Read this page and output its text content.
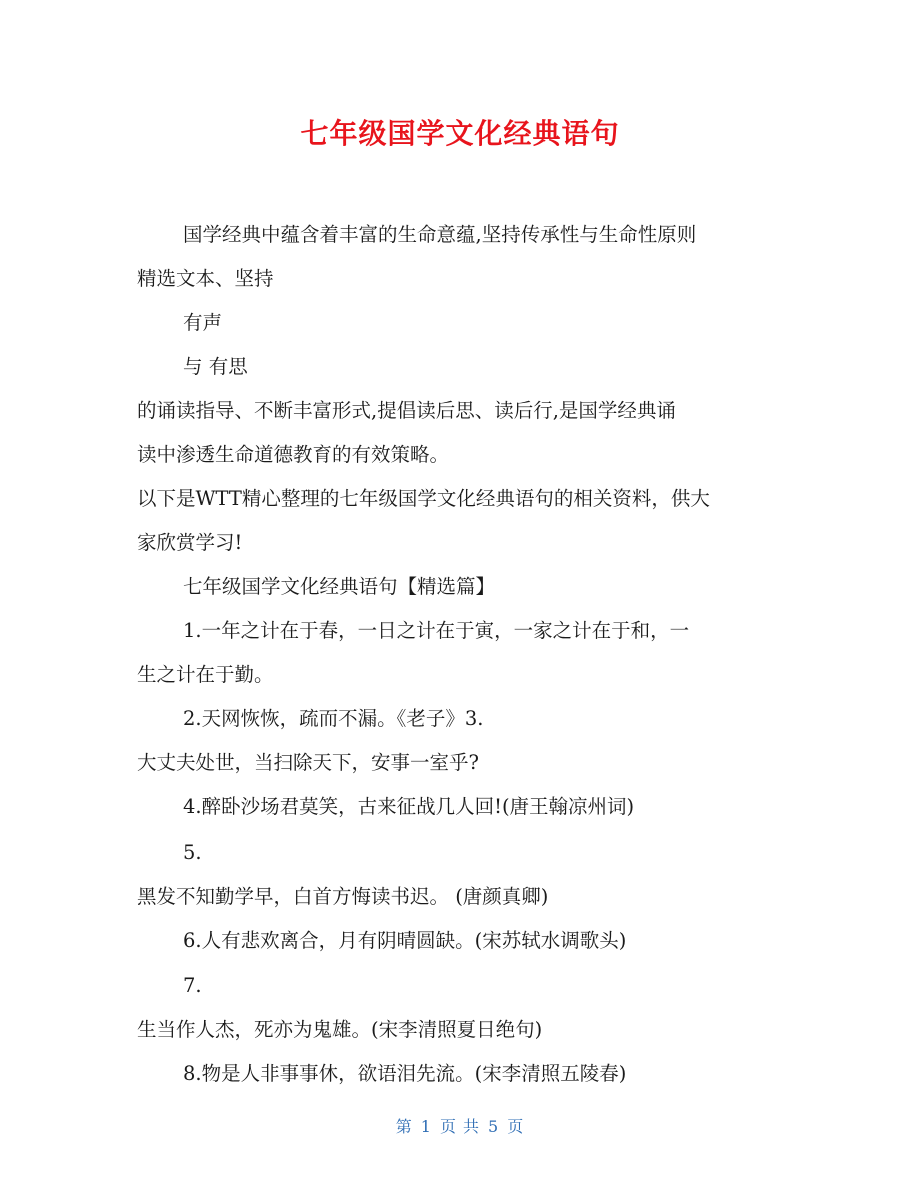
七年级国学文化经典语句
国学经典中蕴含着丰富的生命意蕴,坚持传承性与生命性原则
精选文本、坚持
有声
与 有思
的诵读指导、不断丰富形式,提倡读后思、读后行,是国学经典诵
读中渗透生命道德教育的有效策略。
以下是WTT精心整理的七年级国学文化经典语句的相关资料，供大
家欣赏学习!
七年级国学文化经典语句【精选篇】
1.一年之计在于春，一日之计在于寅，一家之计在于和，一
生之计在于勤。
2.天网恢恢，疏而不漏。《老子》3.
大丈夫处世，当扫除天下，安事一室乎?
4.醉卧沙场君莫笑，古来征战几人回!(唐王翰凉州词)
5.
黑发不知勤学早，白首方悔读书迟。 (唐颜真卿)
6.人有悲欢离合，月有阴晴圆缺。(宋苏轼水调歌头)
7.
生当作人杰，死亦为鬼雄。(宋李清照夏日绝句)
8.物是人非事事休，欲语泪先流。(宋李清照五陵春)
第 1 页 共 5 页
